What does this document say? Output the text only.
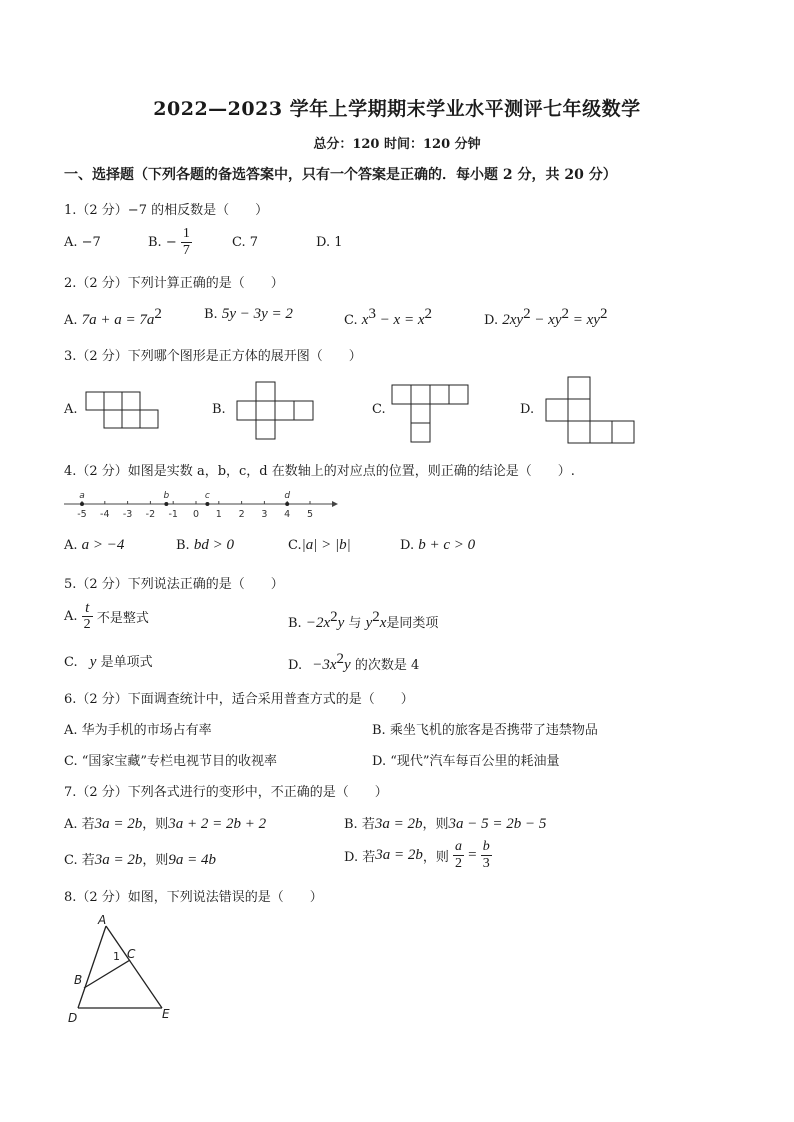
2022—2023 学年上学期期末学业水平测评七年级数学
总分：120 时间：120 分钟
一、选择题（下列各题的备选答案中，只有一个答案是正确的．每小题 2 分，共 20 分）
1.（2 分）−7 的相反数是（　　）
A. −7	B. − $\frac{1}{7}$	C. 7	D. 1
2.（2 分）下列计算正确的是（　　）
A. $7a + a = 7a^2$	B. 5y − 3y = 2	C. $x^3 - x = x^2$	D. $2xy^2 - xy^2 = xy^2$
3.（2 分）下列哪个图形是正方体的展开图（　　）
A.	B.	C.	D.
4.（2 分）如图是实数 a，b，c，d 在数轴上的对应点的位置，则正确的结论是（　　）.
-5 -4 -3 -2 -1 0 1 2 3 4 5
a	b	c	d
A. a > −4	B. bd > 0	C.|a| > |b|	D. b + c > 0
5.（2 分）下列说法正确的是（　　）
A. $\frac{t}{2}$ 不是整式	B. $-2x^2y$ 与 $y^2x$是同类项
C. y 是单项式	D. $-3x^2y$ 的次数是 4
6.（2 分）下面调查统计中，适合采用普查方式的是（　　）
A. 华为手机的市场占有率	B. 乘坐飞机的旅客是否携带了违禁物品
C. “国家宝藏”专栏电视节目的收视率	D. “现代”汽车每百公里的耗油量
7.（2 分）下列各式进行的变形中，不正确的是（　　）
A. 若3a = 2b，则3a + 2 = 2b + 2	B. 若3a = 2b，则3a − 5 = 2b − 5
C. 若3a = 2b，则9a = 4b	D. 若3a = 2b，则 $\frac{a}{2} = \frac{b}{3}$
8.（2 分）如图，下列说法错误的是（　　）
A
B
C
D	E
1
